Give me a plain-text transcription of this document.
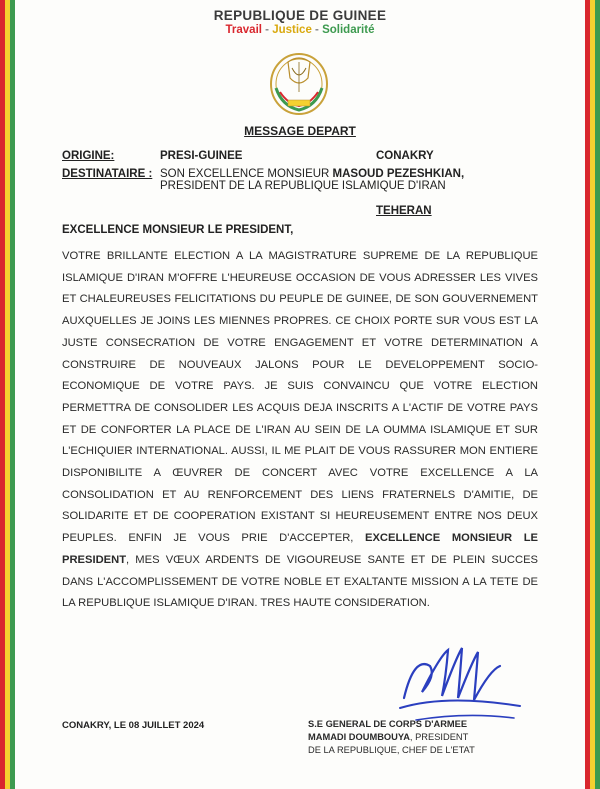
REPUBLIQUE DE GUINEE
Travail - Justice - Solidarité
MESSAGE DEPART
ORIGINE:	PRESI-GUINEE	CONAKRY
DESTINATAIRE : SON EXCELLENCE MONSIEUR MASOUD PEZESHKIAN,
PRESIDENT DE LA REPUBLIQUE ISLAMIQUE D'IRAN
TEHERAN
EXCELLENCE MONSIEUR LE PRESIDENT,
VOTRE BRILLANTE ELECTION A LA MAGISTRATURE SUPREME DE LA REPUBLIQUE ISLAMIQUE D'IRAN M'OFFRE L'HEUREUSE OCCASION DE VOUS ADRESSER LES VIVES ET CHALEUREUSES FELICITATIONS DU PEUPLE DE GUINEE, DE SON GOUVERNEMENT AUXQUELLES JE JOINS LES MIENNES PROPRES. CE CHOIX PORTE SUR VOUS EST LA JUSTE CONSECRATION DE VOTRE ENGAGEMENT ET VOTRE DETERMINATION A CONSTRUIRE DE NOUVEAUX JALONS POUR LE DEVELOPPEMENT SOCIO-ECONOMIQUE DE VOTRE PAYS. JE SUIS CONVAINCU QUE VOTRE ELECTION PERMETTRA DE CONSOLIDER LES ACQUIS DEJA INSCRITS A L'ACTIF DE VOTRE PAYS ET DE CONFORTER LA PLACE DE L'IRAN AU SEIN DE LA OUMMA ISLAMIQUE ET SUR L'ECHIQUIER INTERNATIONAL. AUSSI, IL ME PLAIT DE VOUS RASSURER MON ENTIERE DISPONIBILITE A ŒUVRER DE CONCERT AVEC VOTRE EXCELLENCE A LA CONSOLIDATION ET AU RENFORCEMENT DES LIENS FRATERNELS D'AMITIE, DE SOLIDARITE ET DE COOPERATION EXISTANT SI HEUREUSEMENT ENTRE NOS DEUX PEUPLES. ENFIN JE VOUS PRIE D'ACCEPTER, EXCELLENCE MONSIEUR LE PRESIDENT, MES VŒUX ARDENTS DE VIGOUREUSE SANTE ET DE PLEIN SUCCES DANS L'ACCOMPLISSEMENT DE VOTRE NOBLE ET EXALTANTE MISSION A LA TETE DE LA REPUBLIQUE ISLAMIQUE D'IRAN. TRES HAUTE CONSIDERATION.
CONAKRY, LE 08 JUILLET 2024	S.E GENERAL DE CORPS D'ARMEE
MAMADI DOUMBOUYA, PRESIDENT
DE LA REPUBLIQUE, CHEF DE L'ETAT
